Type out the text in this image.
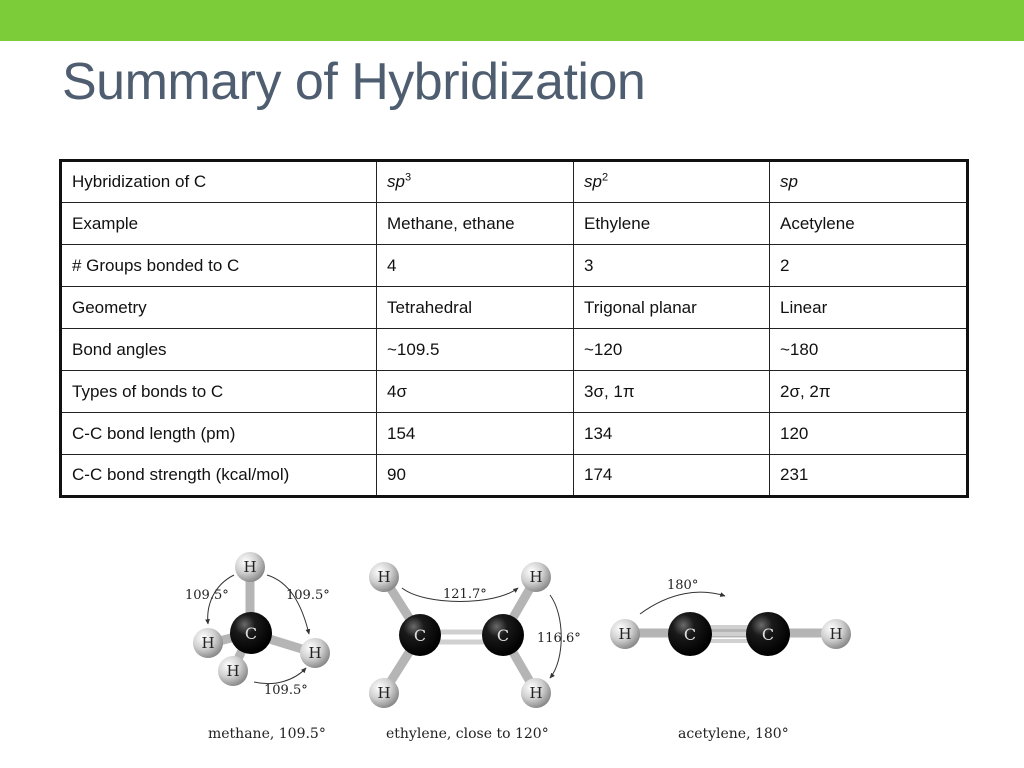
Summary of Hybridization
Hybridization of C	$sp^3$	$sp^2$	sp
Example	Methane, ethane	Ethylene	Acetylene
# Groups bonded to C	4	3	2
Geometry	Tetrahedral	Trigonal planar	Linear
Bond angles	~109.5	~120	~180
Types of bonds to C	4σ	3σ, 1π	2σ, 2π
C-C bond length (pm)	154	134	120
C-C bond strength (kcal/mol)	90	174	231
H
H
H
H
C
109.5°	109.5°
109.5°
methane, 109.5°
H	H
H	H
C	C
121.7°
116.6°
ethylene, close to 120°
H	H
C	C
180°
acetylene, 180°
